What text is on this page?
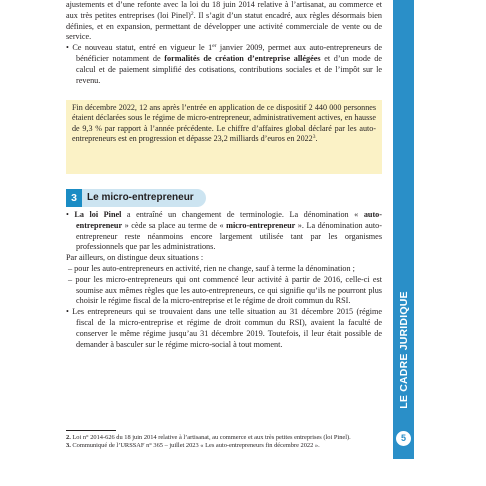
ajustements et d’une refonte avec la loi du 18 juin 2014 relative à l’artisanat, au commerce et aux très petites entreprises (loi Pinel)$^2$. Il s’agit d’un statut encadré, aux règles désormais bien définies, et en expansion, permettant de développer une activité commerciale de vente ou de service.

• Ce nouveau statut, entré en vigueur le 1er janvier 2009, permet aux auto-entrepreneurs de bénéficier notamment de formalités de création d’entreprise allégées et d’un mode de calcul et de paiement simplifié des cotisations, contributions sociales et de l’impôt sur le revenu.

Fin décembre 2022, 12 ans après l’entrée en application de ce dispositif 2 440 000 personnes étaient déclarées sous le régime de micro-entrepreneur, administrativement actives, en hausse de 9,3 % par rapport à l’année précédente. Le chiffre d’affaires global déclaré par les auto-entrepreneurs est en progression et dépasse 23,2 milliards d’euros en 2022$^3$.

3	Le micro-entrepreneur

• La loi Pinel a entraîné un changement de terminologie. La dénomination « auto-entrepreneur » cède sa place au terme de « micro-entrepreneur ». La dénomination auto-entrepreneur reste néanmoins encore largement utilisée tant par les organismes professionnels que par les administrations.

Par ailleurs, on distingue deux situations :

– pour les auto-entrepreneurs en activité, rien ne change, sauf à terme la dénomination ;

– pour les micro-entrepreneurs qui ont commencé leur activité à partir de 2016, celle-ci est soumise aux mêmes règles que les auto-entrepreneurs, ce qui signifie qu’ils ne pourront plus choisir le régime fiscal de la micro-entreprise et le régime de droit commun du RSI.

• Les entrepreneurs qui se trouvaient dans une telle situation au 31 décembre 2015 (régime fiscal de la micro-entreprise et régime de droit commun du RSI), avaient la faculté de conserver le même régime jusqu’au 31 décembre 2019. Toutefois, il leur était possible de demander à basculer sur le régime micro-social à tout moment.

2. Loi n° 2014-626 du 18 juin 2014 relative à l’artisanat, au commerce et aux très petites entreprises (loi Pinel).

3. Communiqué de l’URSSAF n° 365 – juillet 2023 « Les auto-entrepreneurs fin décembre 2022 ».

LE CADRE JURIDIQUE
5
